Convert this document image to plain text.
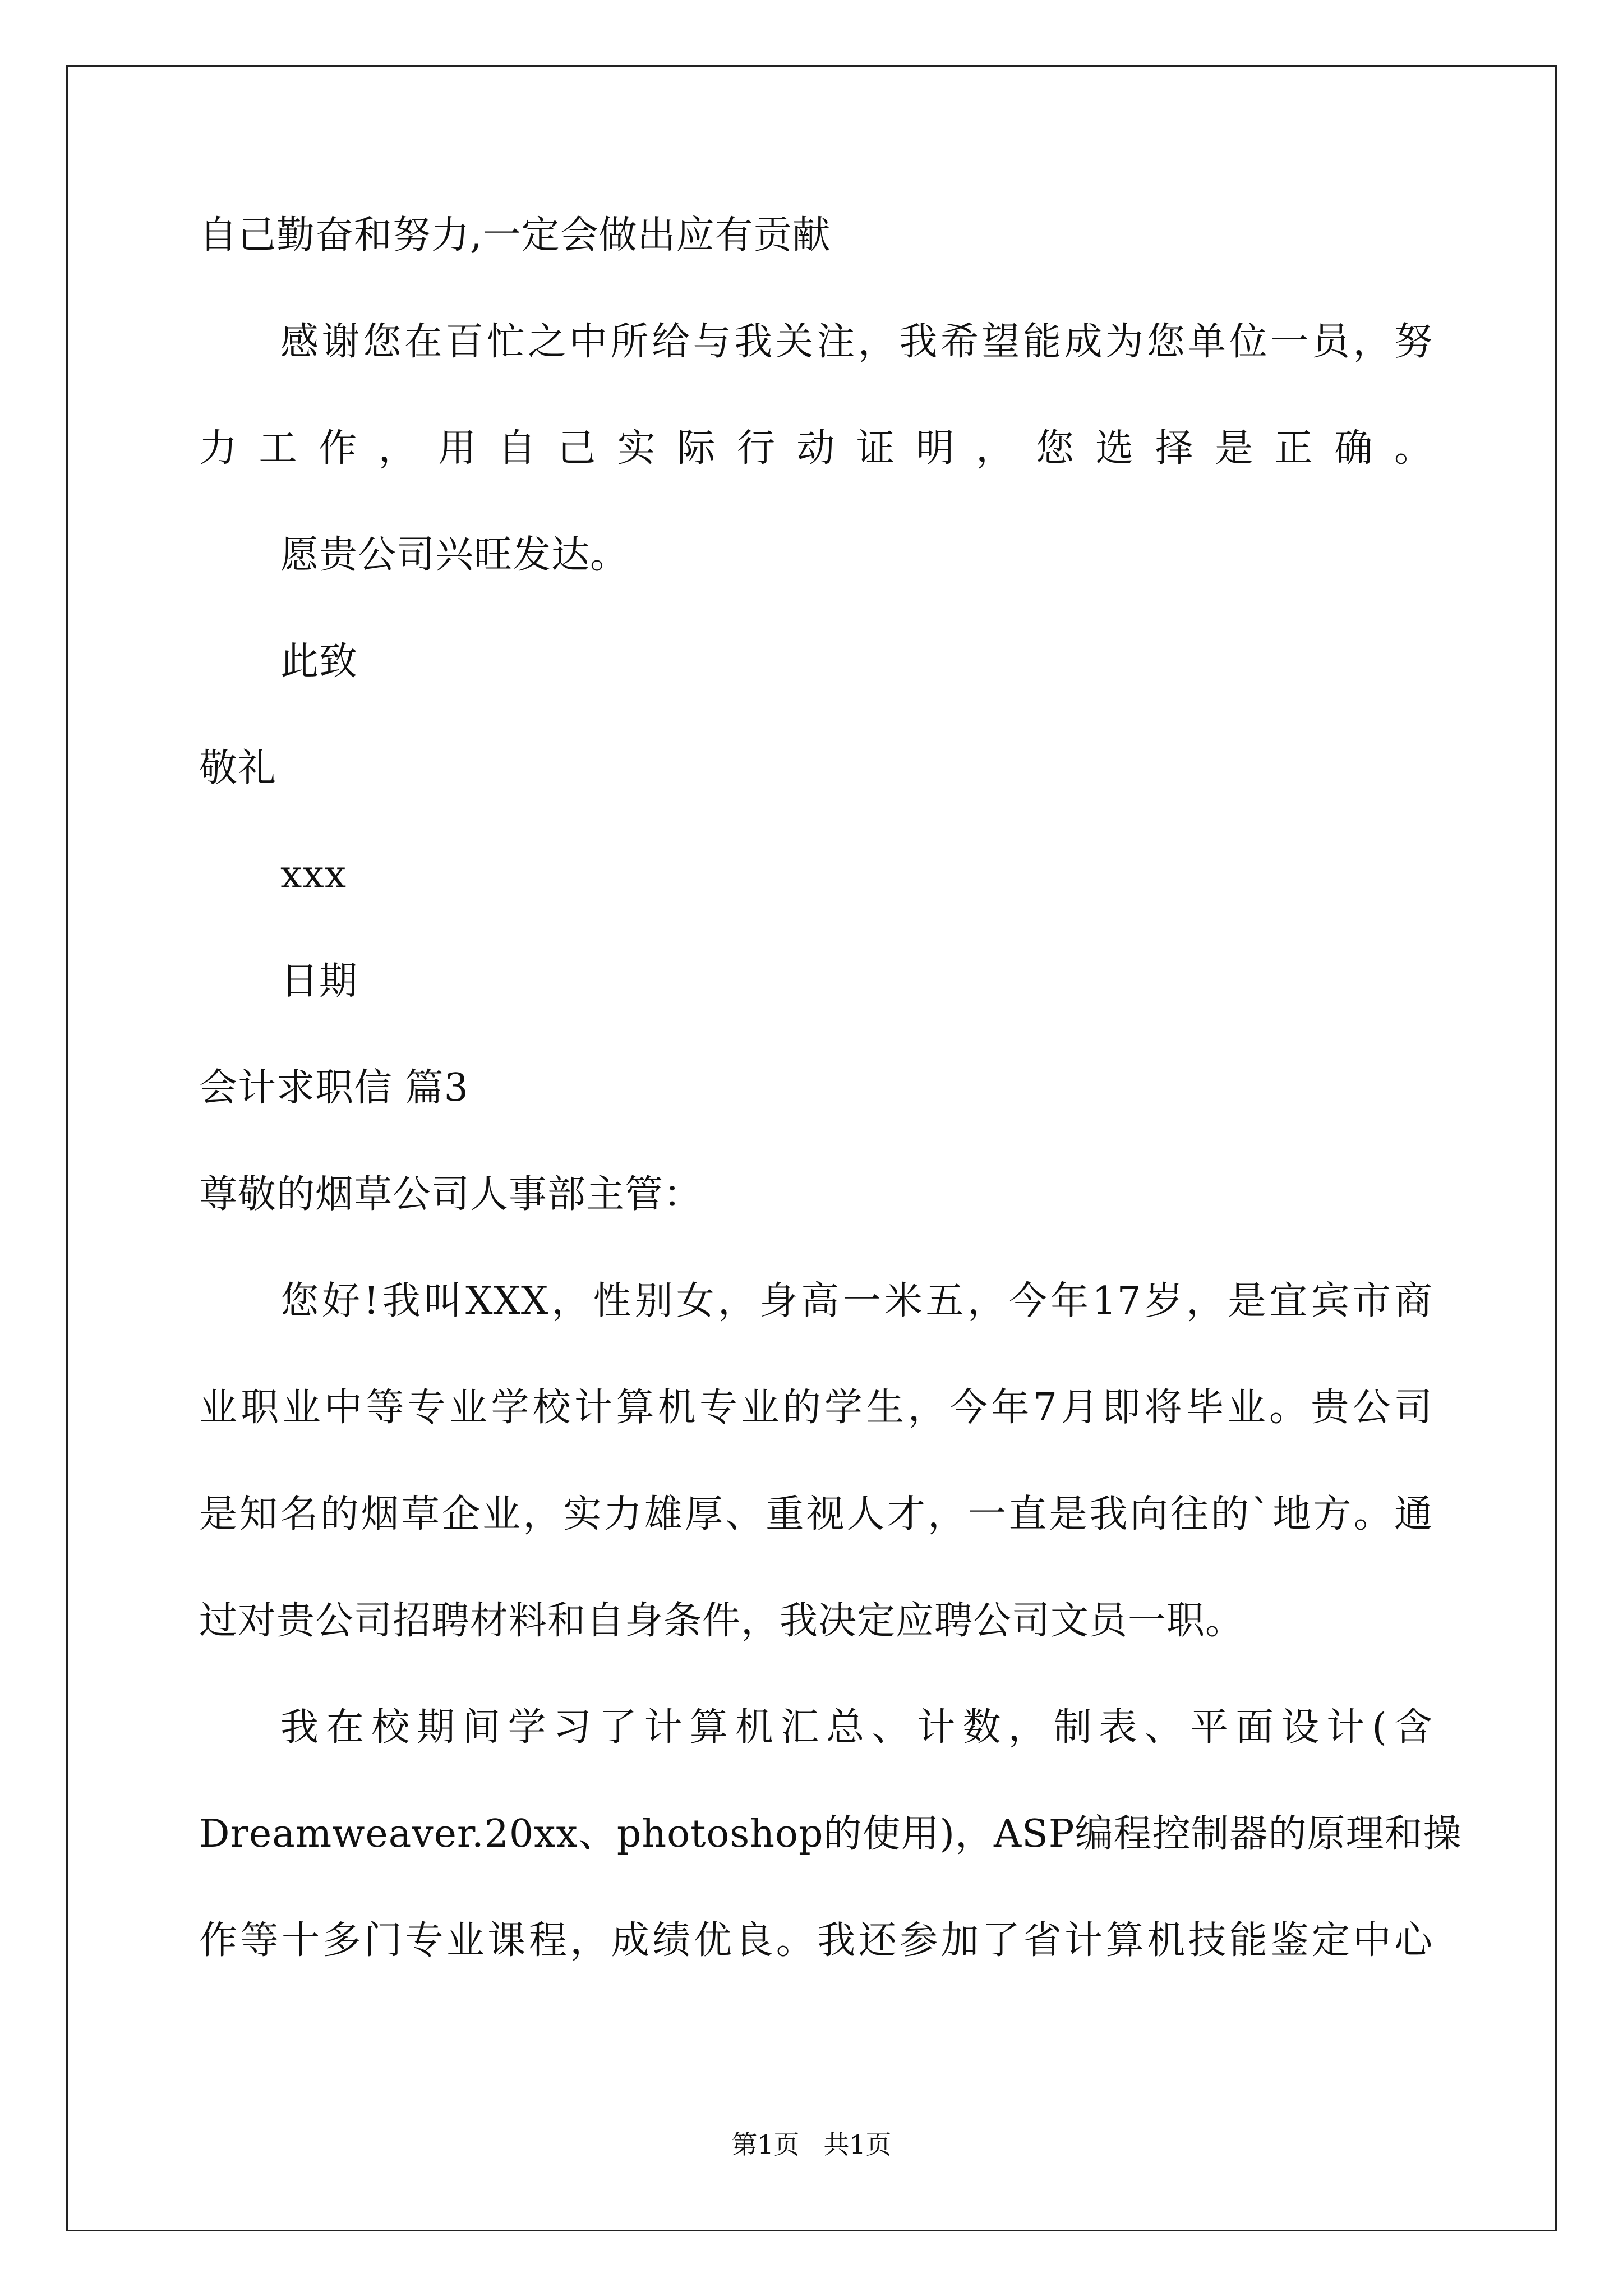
自己勤奋和努力,一定会做出应有贡献
感谢您在百忙之中所给与我关注，我希望能成为您单位一员，努
力工作，用自己实际行动证明，您选择是正确。
愿贵公司兴旺发达。
此致
敬礼
xxx
日期
会计求职信 篇3
尊敬的烟草公司人事部主管：
您好!我叫XXX，性别女，身高一米五，今年17岁，是宜宾市商
业职业中等专业学校计算机专业的学生，今年7月即将毕业。贵公司
是知名的烟草企业，实力雄厚、重视人才，一直是我向往的`地方。通
过对贵公司招聘材料和自身条件，我决定应聘公司文员一职。
我在校期间学习了计算机汇总、计数，制表、平面设计(含
Dreamweaver.20xx、photoshop的使用)，ASP编程控制器的原理和操
作等十多门专业课程，成绩优良。我还参加了省计算机技能鉴定中心
第1页 共1页
